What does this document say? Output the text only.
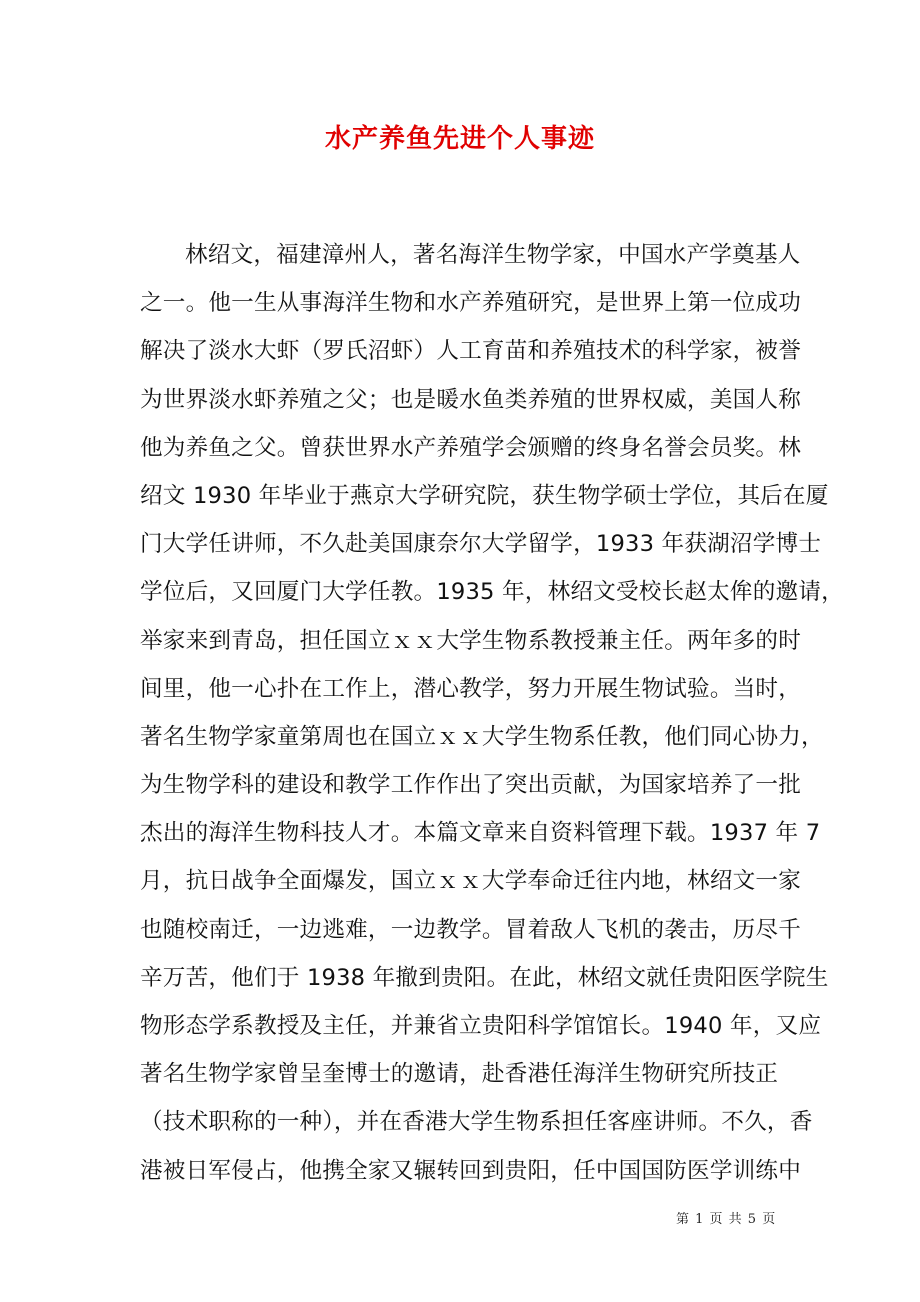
水产养鱼先进个人事迹
林绍文，福建漳州人，著名海洋生物学家，中国水产学奠基人
之一。他一生从事海洋生物和水产养殖研究，是世界上第一位成功
解决了淡水大虾（罗氏沼虾）人工育苗和养殖技术的科学家，被誉
为世界淡水虾养殖之父；也是暖水鱼类养殖的世界权威，美国人称
他为养鱼之父。曾获世界水产养殖学会颁赠的终身名誉会员奖。林
绍文 1930 年毕业于燕京大学研究院，获生物学硕士学位，其后在厦
门大学任讲师，不久赴美国康奈尔大学留学，1933 年获湖沼学博士
学位后，又回厦门大学任教。1935 年，林绍文受校长赵太侔的邀请，
举家来到青岛，担任国立ｘｘ大学生物系教授兼主任。两年多的时
间里，他一心扑在工作上，潜心教学，努力开展生物试验。当时，
著名生物学家童第周也在国立ｘｘ大学生物系任教，他们同心协力，
为生物学科的建设和教学工作作出了突出贡献，为国家培养了一批
杰出的海洋生物科技人才。本篇文章来自资料管理下载。1937 年 7
月，抗日战争全面爆发，国立ｘｘ大学奉命迁往内地，林绍文一家
也随校南迁，一边逃难，一边教学。冒着敌人飞机的袭击，历尽千
辛万苦，他们于 1938 年撤到贵阳。在此，林绍文就任贵阳医学院生
物形态学系教授及主任，并兼省立贵阳科学馆馆长。1940 年，又应
著名生物学家曾呈奎博士的邀请，赴香港任海洋生物研究所技正
（技术职称的一种），并在香港大学生物系担任客座讲师。不久，香
港被日军侵占，他携全家又辗转回到贵阳，任中国国防医学训练中
第 1 页 共 5 页
